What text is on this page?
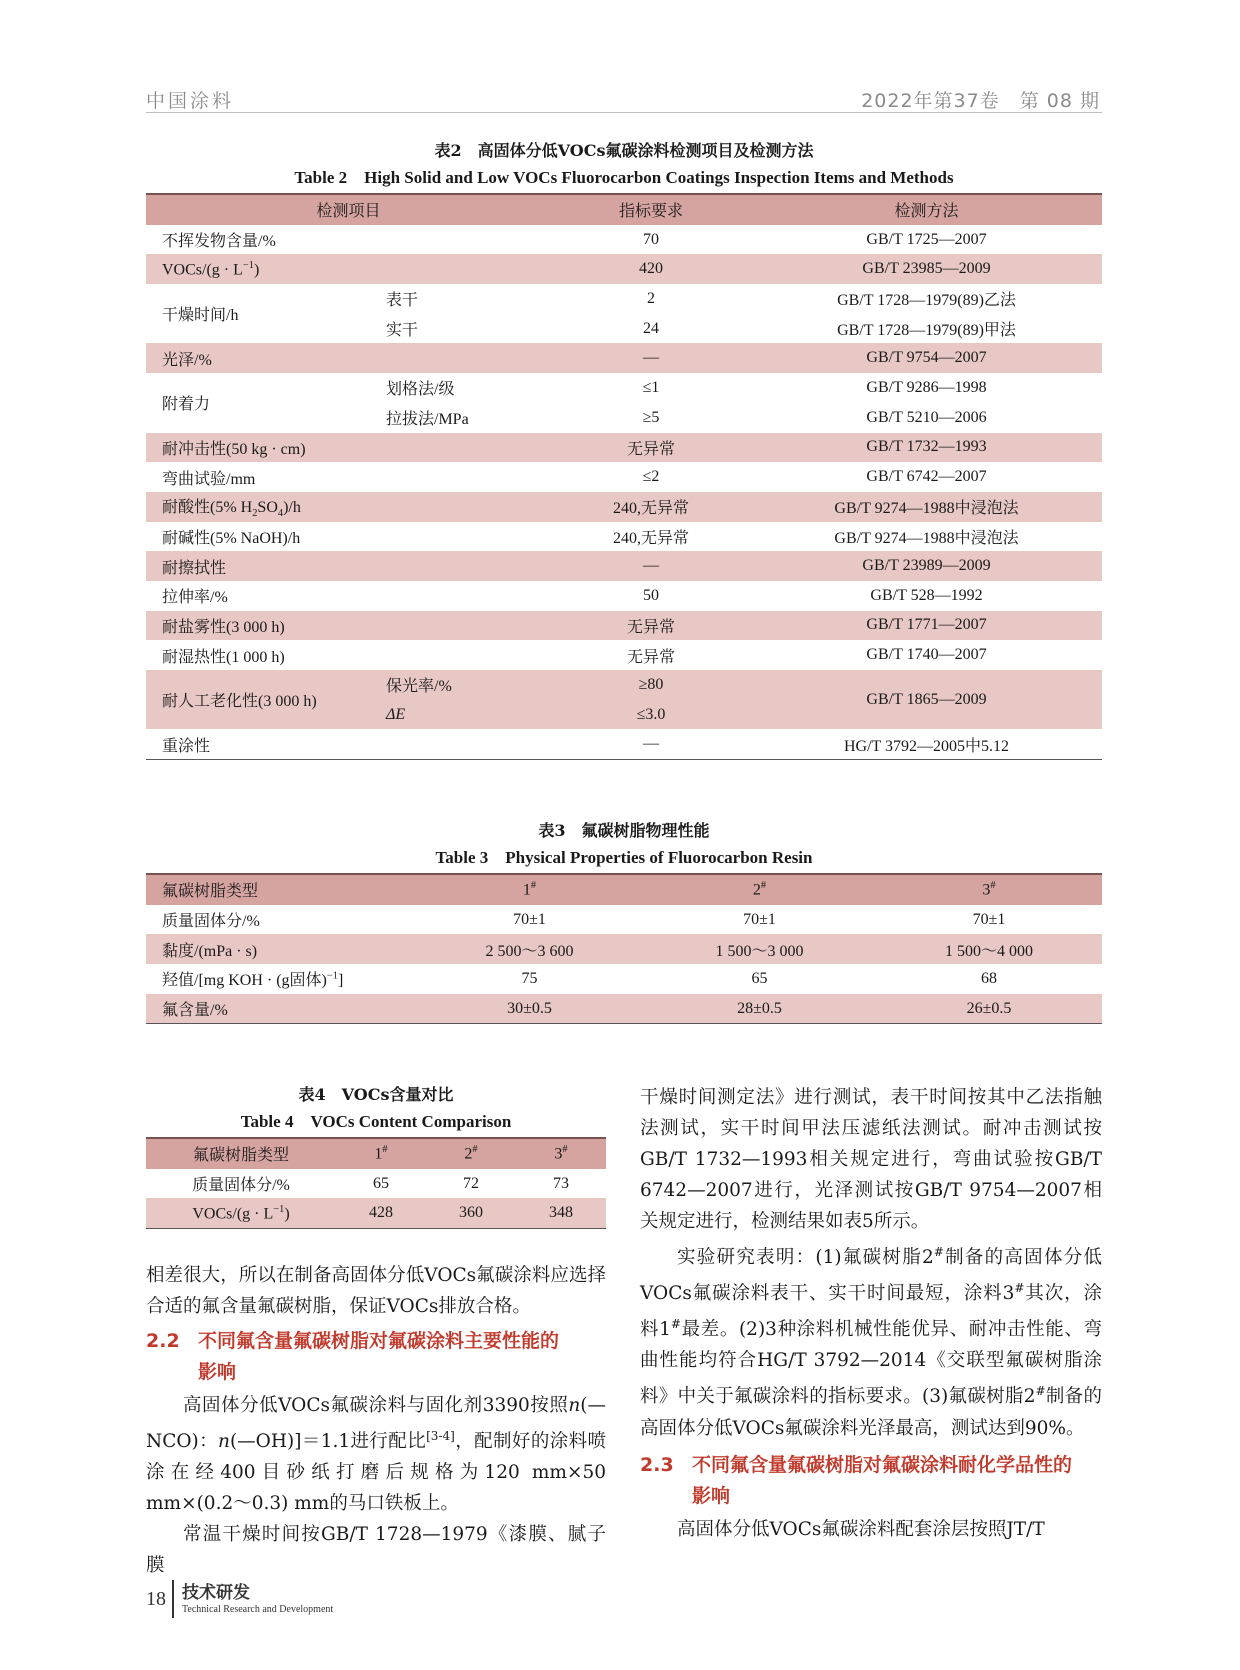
中国涂料	2022年第37卷　第 08 期
表2　高固体分低VOCs氟碳涂料检测项目及检测方法
Table 2　High Solid and Low VOCs Fluorocarbon Coatings Inspection Items and Methods
检测项目		指标要求	检测方法
不挥发物含量/%		70	GB/T 1725—2007
VOCs/(g · $L^{-1}$)		420	GB/T 23985—2009
干燥时间/h	表干	2	GB/T 1728—1979(89)乙法
	实干	24	GB/T 1728—1979(89)甲法
光泽/%		—	GB/T 9754—2007
附着力	划格法/级	≤1	GB/T 9286—1998
	拉拔法/MPa	≥5	GB/T 5210—2006
耐冲击性(50 kg · cm)		无异常	GB/T 1732—1993
弯曲试验/mm		≤2	GB/T 6742—2007
耐酸性(5% $H_2SO_4)/h$		240,无异常	GB/T 9274—1988中浸泡法
耐碱性(5% NaOH)/h		240,无异常	GB/T 9274—1988中浸泡法
耐擦拭性		—	GB/T 23989—2009
拉伸率/%		50	GB/T 528—1992
耐盐雾性(3 000 h)		无异常	GB/T 1771—2007
耐湿热性(1 000 h)		无异常	GB/T 1740—2007
耐人工老化性(3 000 h)	保光率/%	≥80	GB/T 1865—2009
	ΔE	≤3.0	
重涂性		—	HG/T 3792—2005中5.12
表3　氟碳树脂物理性能
Table 3　Physical Properties of Fluorocarbon Resin
氟碳树脂类型	1#	2#	3#
质量固体分/%	70±1	70±1	70±1
黏度/(mPa · s)	2 500～3 600	1 500～3 000	1 500～4 000
羟值/[mg KOH · (g固体)$^{-1}$]	75	65	68
氟含量/%	30±0.5	28±0.5	26±0.5
表4　VOCs含量对比
Table 4　VOCs Content Comparison
氟碳树脂类型	1#	2#	3#
质量固体分/%	65	72	73
VOCs/(g · $L^{-1}$)	428	360	348

相差很大，所以在制备高固体分低VOCs氟碳涂料应选择合适的氟含量氟碳树脂，保证VOCs排放合格。

2.2 不同氟含量氟碳树脂对氟碳涂料主要性能的
影响

高固体分低VOCs氟碳涂料与固化剂3390按照n(—NCO)：n(—OH)]＝1.1进行配比[3-4]，配制好的涂料喷涂在经400目砂纸打磨后规格为120 mm×50 mm×(0.2～0.3) mm的马口铁板上。

常温干燥时间按GB/T 1728—1979《漆膜、腻子膜

干燥时间测定法》进行测试，表干时间按其中乙法指触法测试，实干时间甲法压滤纸法测试。耐冲击测试按GB/T 1732—1993相关规定进行，弯曲试验按GB/T 6742—2007进行，光泽测试按GB/T 9754—2007相关规定进行，检测结果如表5所示。

实验研究表明：(1)氟碳树脂2#制备的高固体分低VOCs氟碳涂料表干、实干时间最短，涂料3#其次，涂料1#最差。(2)3种涂料机械性能优异、耐冲击性能、弯曲性能均符合HG/T 3792—2014《交联型氟碳树脂涂料》中关于氟碳涂料的指标要求。(3)氟碳树脂2#制备的高固体分低VOCs氟碳涂料光泽最高，测试达到90%。

2.3 不同氟含量氟碳树脂对氟碳涂料耐化学品性的
影响

高固体分低VOCs氟碳涂料配套涂层按照JT/T

18 技术研发
Technical Research and Development
